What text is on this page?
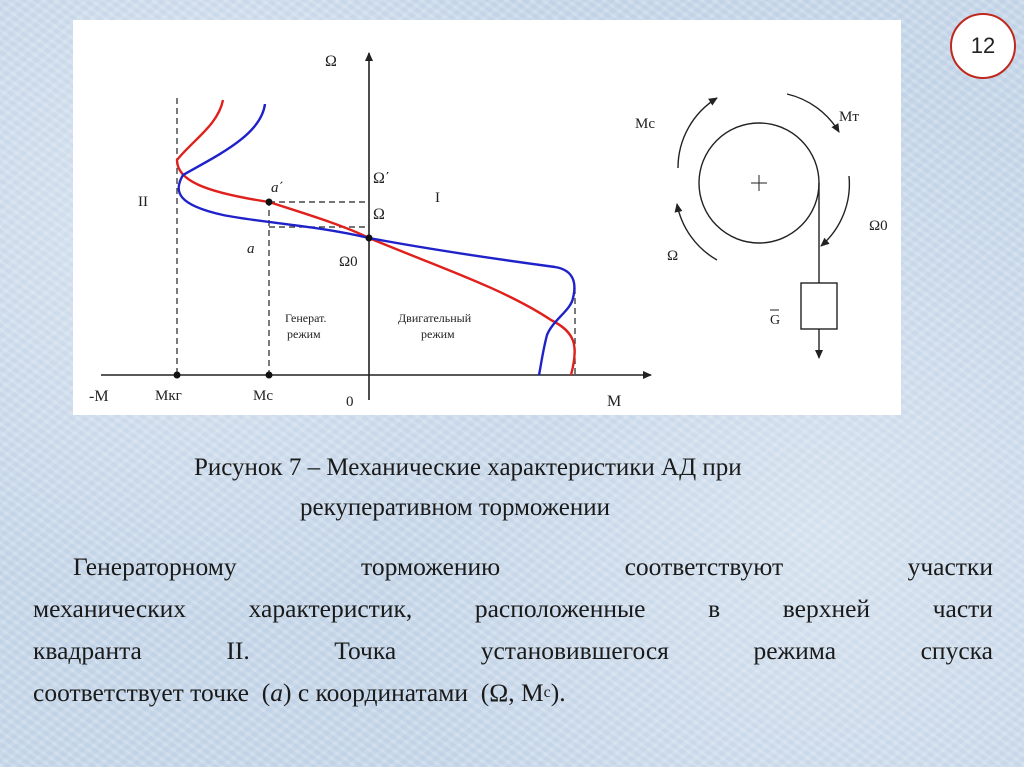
12
Ω
-М	М
0
Мкг	Мс
II	I
Ω΄
Ω
Ω0
a΄
a
Генерат.
режим
Двигательный
режим
G
Мс	Мт
Ω0
Ω
Рисунок 7 – Механические характеристики АД при
рекуперативном торможении
Генераторному	торможению	соответствуют	участки
механических характеристик, расположенные в верхней части
квадранта	II.	Точка	установившегося	режима	спуска
соответствует точке ( a ) с координатами
(Ω, М с ).
